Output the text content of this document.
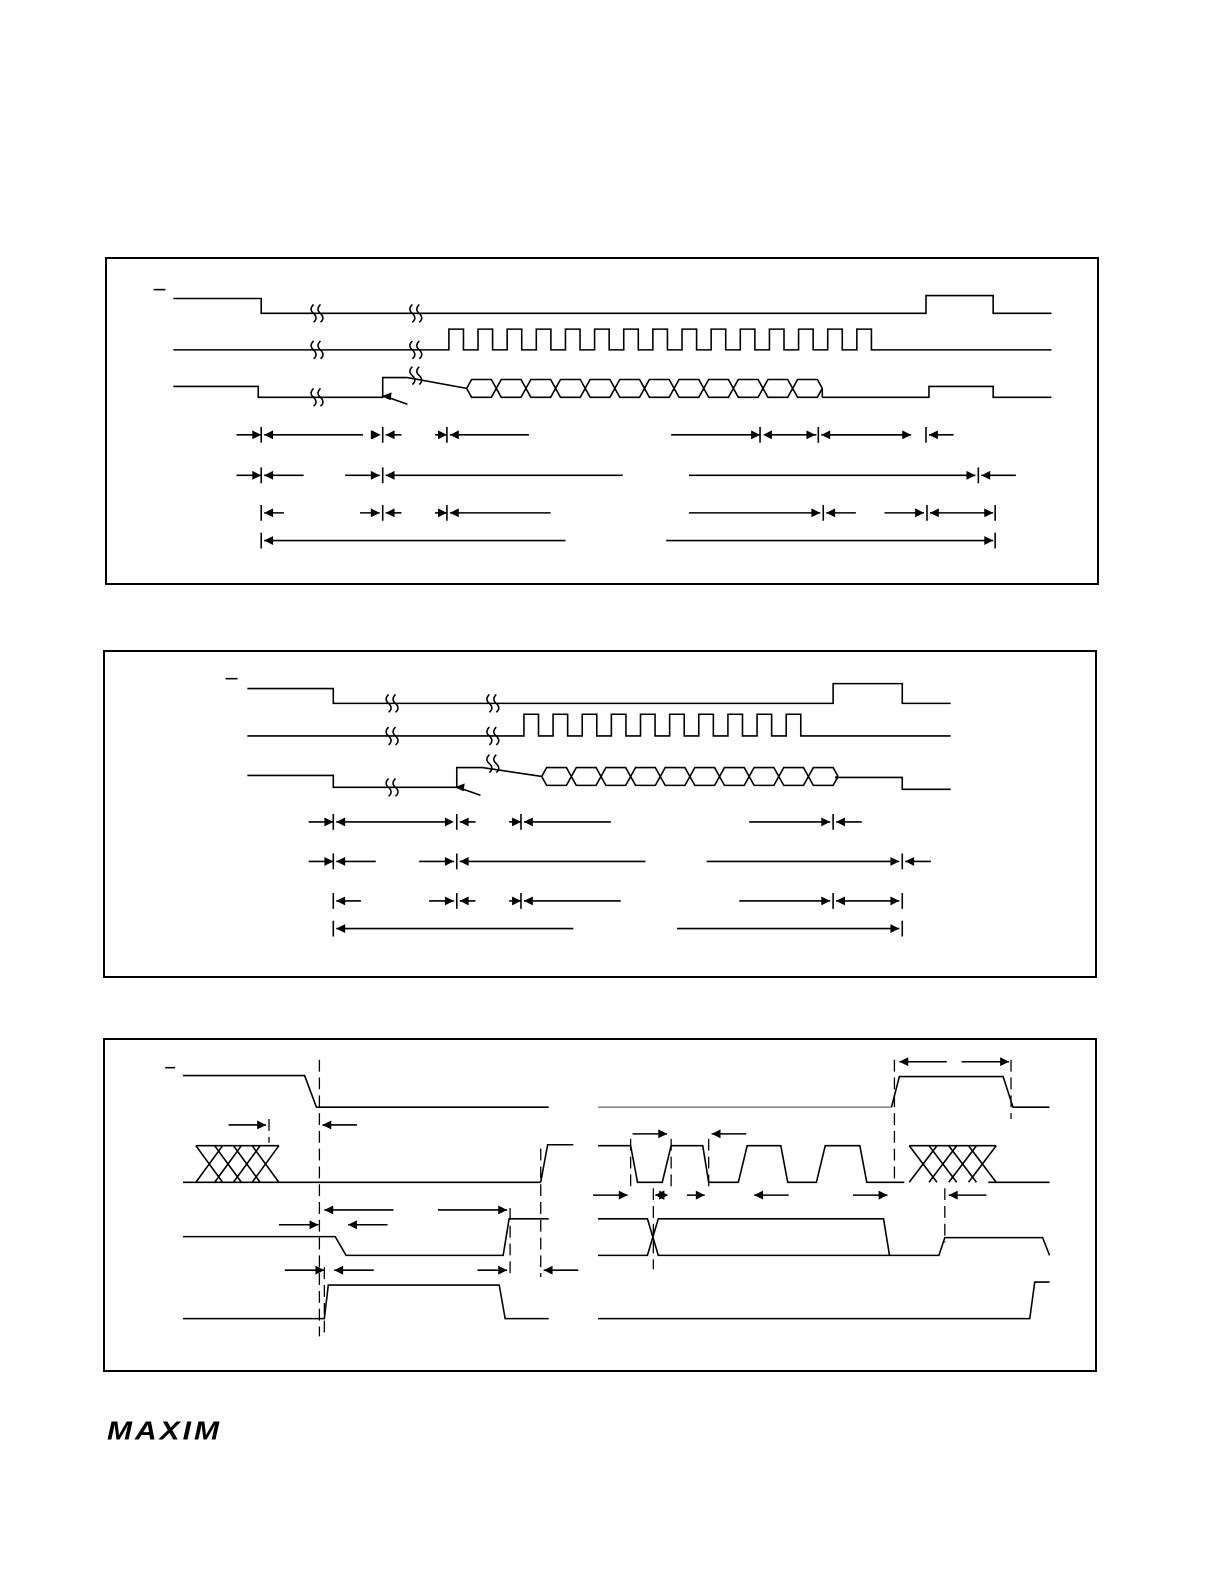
MAXIM
